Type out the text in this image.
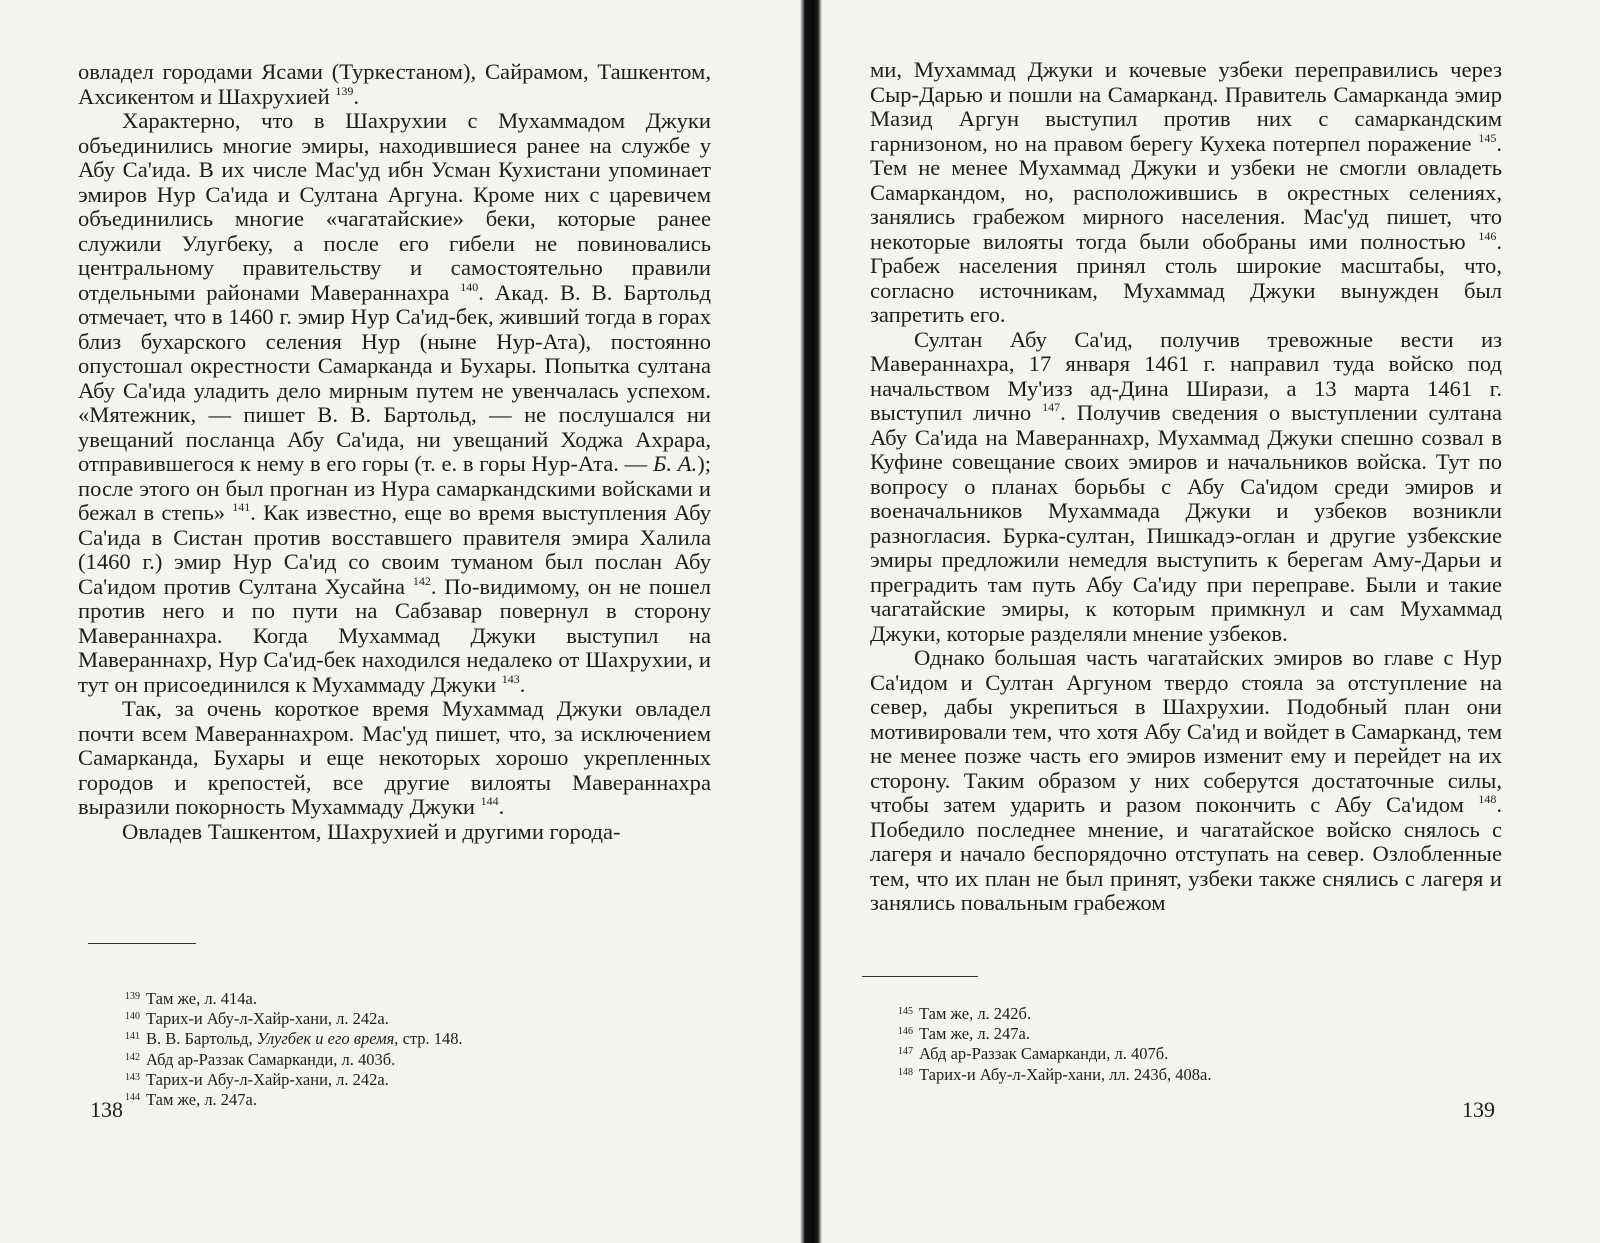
овладел городами Ясами (Туркестаном), Сайрамом, Ташкентом, Ахсикентом и Шахрухией $^{139}$.

Характерно, что в Шахрухии с Мухаммадом Джуки объединились многие эмиры, находившиеся ранее на службе у Абу Са'ида. В их числе Мас'уд ибн Усман Кухистани упоминает эмиров Нур Са'ида и Султана Аргуна. Кроме них с царевичем объединились многие «чагатайские» беки, которые ранее служили Улугбеку, а после его гибели не повиновались центральному правительству и самостоятельно правили отдельными районами Мавераннахра $^{140}$. Акад. В. В. Бартольд отмечает, что в 1460 г. эмир Нур Са'ид-бек, живший тогда в горах близ бухарского селения Нур (ныне Нур-Ата), постоянно опустошал окрестности Самарканда и Бухары. Попытка султана Абу Са'ида уладить дело мирным путем не увенчалась успехом. «Мятежник, — пишет В. В. Бартольд, — не послушался ни увещаний посланца Абу Са'ида, ни увещаний Ходжа Ахрара, отправившегося к нему в его горы (т. е. в горы Нур-Ата. — Б. А.); после этого он был прогнан из Нура самаркандскими войсками и бежал в степь» $^{141}$. Как известно, еще во время выступления Абу Са'ида в Систан против восставшего правителя эмира Халила (1460 г.) эмир Нур Са'ид со своим туманом был послан Абу Са'идом против Султана Хусайна $^{142}$. По-видимому, он не пошел против него и по пути на Сабзавар повернул в сторону Мавераннахра. Когда Мухаммад Джуки выступил на Мавераннахр, Нур Са'ид-бек находился недалеко от Шахрухии, и тут он присоединился к Мухаммаду Джуки $^{143}$.

Так, за очень короткое время Мухаммад Джуки овладел почти всем Мавераннахром. Мас'уд пишет, что, за исключением Самарканда, Бухары и еще некоторых хорошо укрепленных городов и крепостей, все другие вилояты Мавераннахра выразили покорность Мухаммаду Джуки $^{144}$.

Овладев Ташкентом, Шахрухией и другими города-

$^{139}$ Там же, л. 414а.

$^{140}$ Тарих-и Абу-л-Хайр-хани, л. 242а.

$^{141}$ В. В. Бартольд, Улугбек и его время, стр. 148.

$^{142}$ Абд ар-Раззак Самарканди, л. 403б.

$^{143}$ Тарих-и Абу-л-Хайр-хани, л. 242а.

$^{144}$ Там же, л. 247а.

138

ми, Мухаммад Джуки и кочевые узбеки переправились через Сыр-Дарью и пошли на Самарканд. Правитель Самарканда эмир Мазид Аргун выступил против них с самаркандским гарнизоном, но на правом берегу Кухека потерпел поражение $^{145}$. Тем не менее Мухаммад Джуки и узбеки не смогли овладеть Самаркандом, но, расположившись в окрестных селениях, занялись грабежом мирного населения. Мас'уд пишет, что некоторые вилояты тогда были обобраны ими полностью $^{146}$. Грабеж населения принял столь широкие масштабы, что, согласно источникам, Мухаммад Джуки вынужден был запретить его.

Султан Абу Са'ид, получив тревожные вести из Мавераннахра, 17 января 1461 г. направил туда войско под начальством Му'изз ад-Дина Ширази, а 13 марта 1461 г. выступил лично $^{147}$. Получив сведения о выступлении султана Абу Са'ида на Мавераннахр, Мухаммад Джуки спешно созвал в Куфине совещание своих эмиров и начальников войска. Тут по вопросу о планах борьбы с Абу Са'идом среди эмиров и военачальников Мухаммада Джуки и узбеков возникли разногласия. Бурка-султан, Пишкадэ-оглан и другие узбекские эмиры предложили немедля выступить к берегам Аму-Дарьи и преградить там путь Абу Са'иду при переправе. Были и такие чагатайские эмиры, к которым примкнул и сам Мухаммад Джуки, которые разделяли мнение узбеков.

Однако большая часть чагатайских эмиров во главе с Нур Са'идом и Султан Аргуном твердо стояла за отступление на север, дабы укрепиться в Шахрухии. Подобный план они мотивировали тем, что хотя Абу Са'ид и войдет в Самарканд, тем не менее позже часть его эмиров изменит ему и перейдет на их сторону. Таким образом у них соберутся достаточные силы, чтобы затем ударить и разом покончить с Абу Са'идом $^{148}$. Победило последнее мнение, и чагатайское войско снялось с лагеря и начало беспорядочно отступать на север. Озлобленные тем, что их план не был принят, узбеки также снялись с лагеря и занялись повальным грабежом

$^{145}$ Там же, л. 242б.

$^{146}$ Там же, л. 247а.

$^{147}$ Абд ар-Раззак Самарканди, л. 407б.

$^{148}$ Тарих-и Абу-л-Хайр-хани, лл. 243б, 408а.

139
